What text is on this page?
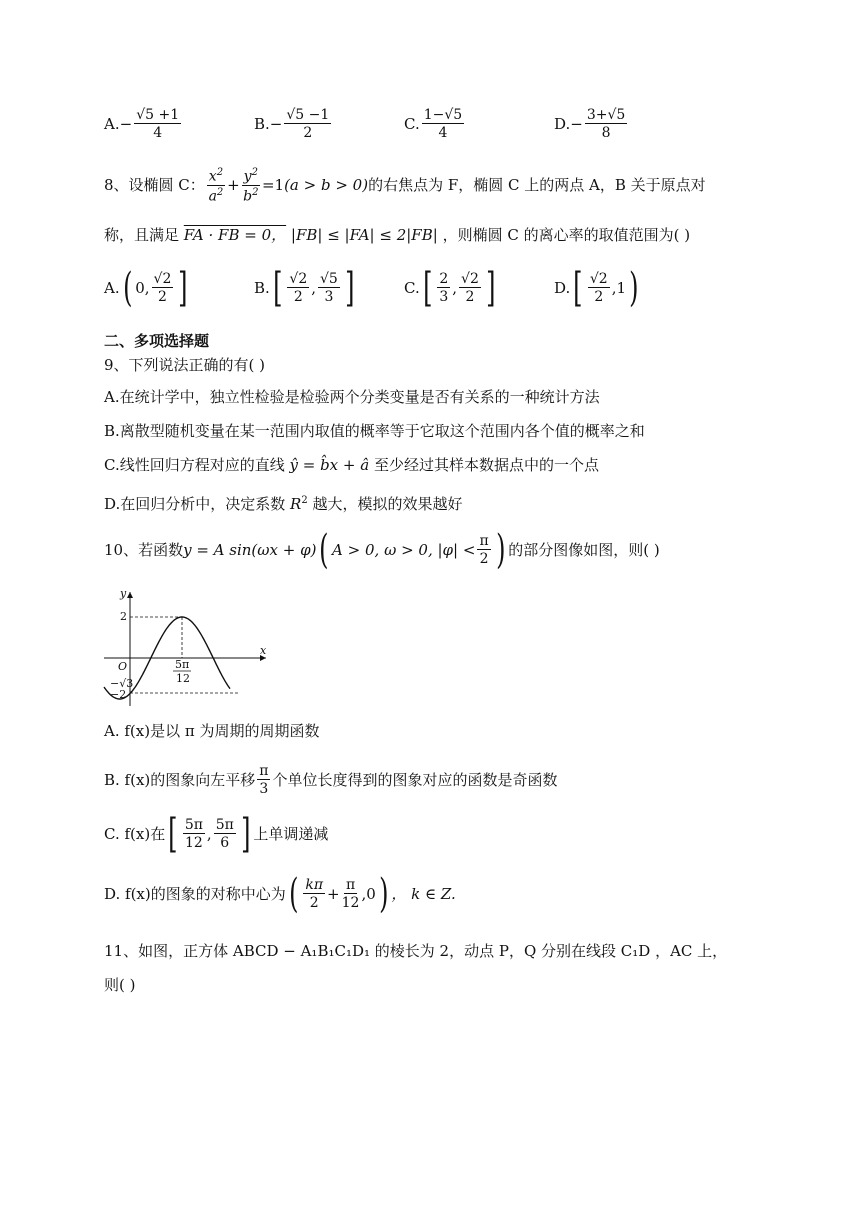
A. − $\frac{√5 +1}{4}$	B. − $\frac{√5 -1}{2}$	C. $\frac{1-√5}{4}$	D. − $\frac{3+√5}{8}$
8、设椭圆 C： $\frac{x^2}{a^2} + \frac{y^2}{b^2} =1$ (a > b > 0) 的右焦点为 F，椭圆 C 上的两点 A，B 关于原点对
称，且满足 FA · FB = 0， |FB| ≤ |FA| ≤ 2|FB| ，则椭圆 C 的离心率的取值范围为( )
A. ( 0, $\frac{√2}{2}$ ]	B. [ $\frac{√2}{2}$ , $\frac{√5}{3}$ ]	C. [ $\frac{2}{3}$ , $\frac{√2}{2}$ ]	D. [ $\frac{√2}{2} ,1$ )
二、多项选择题
9、下列说法正确的有( )
A.在统计学中，独立性检验是检验两个分类变量是否有关系的一种统计方法
B.离散型随机变量在某一范围内取值的概率等于它取这个范围内各个值的概率之和
C.线性回归方程对应的直线 ŷ = b̂x + â 至少经过其样本数据点中的一个点
D.在回归分析中，决定系数 $R^2$ 越大，模拟的效果越好
10、若函数 y = A sin(ωx + φ) ( A > 0, ω > 0, $|\varphi| < \frac{\pi}{2}$ ) 的部分图像如图，则( )
y
x
O
2
−√3
−2
5π
12
A. f(x)是以 π 为周期的周期函数
B. f(x)的图象向左平移 $\frac{\pi}{3}$ 个单位长度得到的图象对应的函数是奇函数
C. f(x)在 [ $\frac{5\pi}{12}$ , $\frac{5\pi}{6}$ ] 上单调递减
D. f(x)的图象的对称中心为 ( $\frac{k\pi}{2} + \frac{\pi}{12} ,0$ ) ， k ∈ Z.
11、如图，正方体 ABCD − A₁B₁C₁D₁ 的棱长为 2，动点 P，Q 分别在线段 C₁D ，AC 上，
则( )
